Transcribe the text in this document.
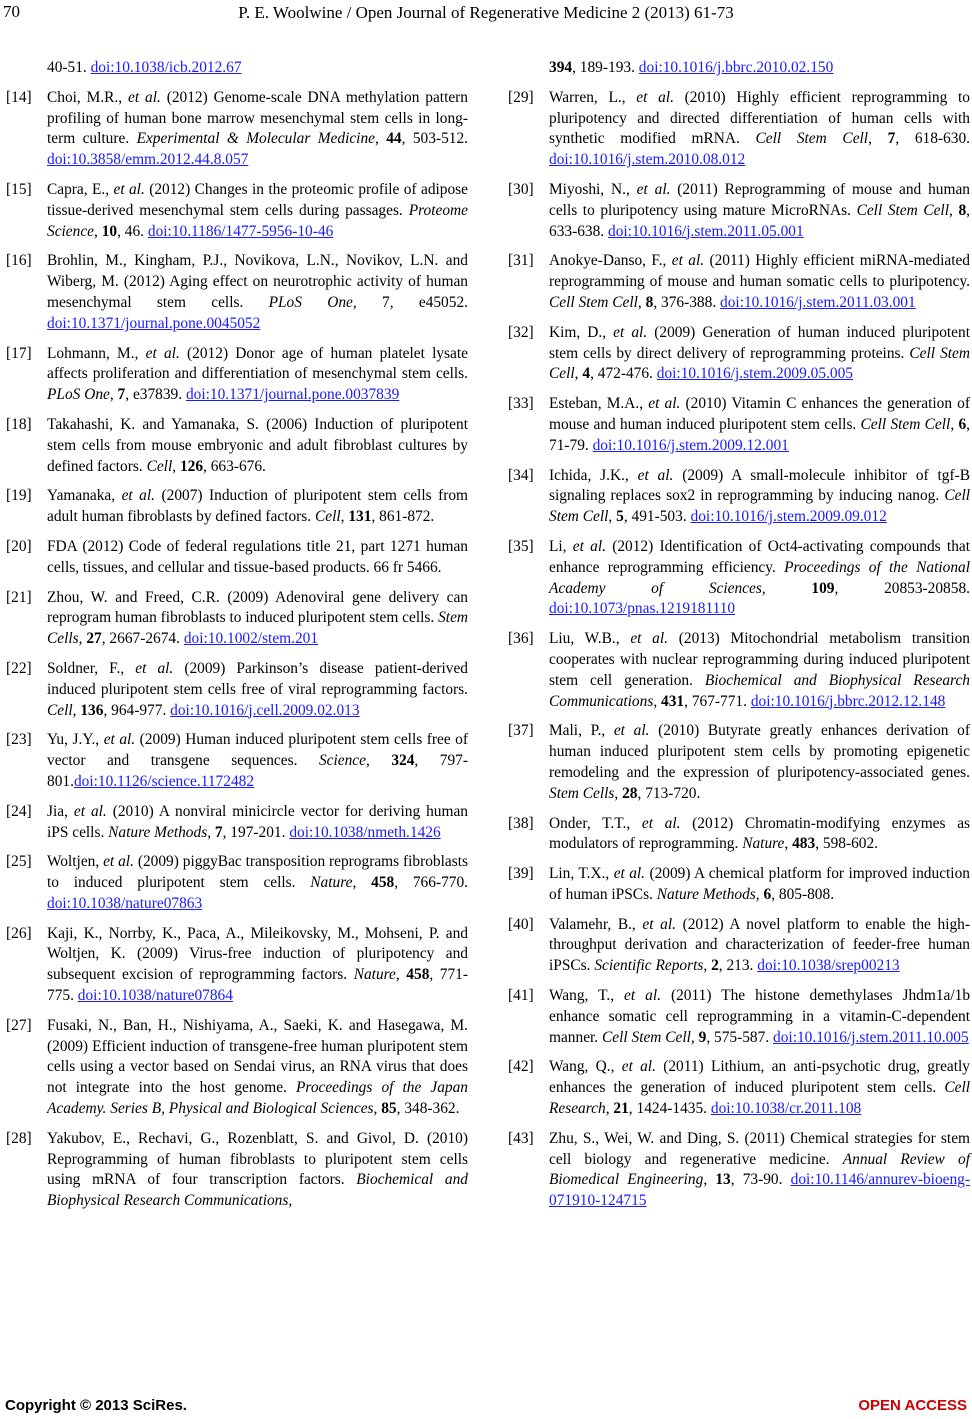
70	P. E. Woolwine / Open Journal of Regenerative Medicine 2 (2013) 61-73
40-51. doi:10.1038/icb.2012.67
[14] Choi, M.R., et al. (2012) Genome-scale DNA methylation pattern profiling of human bone marrow mesenchymal stem cells in long-term culture. Experimental & Molecular Medicine, 44, 503-512. doi:10.3858/emm.2012.44.8.057
[15] Capra, E., et al. (2012) Changes in the proteomic profile of adipose tissue-derived mesenchymal stem cells during passages. Proteome Science, 10, 46. doi:10.1186/1477-5956-10-46
[16] Brohlin, M., Kingham, P.J., Novikova, L.N., Novikov, L.N. and Wiberg, M. (2012) Aging effect on neurotrophic activity of human mesenchymal stem cells. PLoS One, 7, e45052. doi:10.1371/journal.pone.0045052
[17] Lohmann, M., et al. (2012) Donor age of human platelet lysate affects proliferation and differentiation of mesenchymal stem cells. PLoS One, 7, e37839. doi:10.1371/journal.pone.0037839
[18] Takahashi, K. and Yamanaka, S. (2006) Induction of pluripotent stem cells from mouse embryonic and adult fibroblast cultures by defined factors. Cell, 126, 663-676.
[19] Yamanaka, et al. (2007) Induction of pluripotent stem cells from adult human fibroblasts by defined factors. Cell, 131, 861-872.
[20] FDA (2012) Code of federal regulations title 21, part 1271 human cells, tissues, and cellular and tissue-based products. 66 fr 5466.
[21] Zhou, W. and Freed, C.R. (2009) Adenoviral gene delivery can reprogram human fibroblasts to induced pluripotent stem cells. Stem Cells, 27, 2667-2674. doi:10.1002/stem.201
[22] Soldner, F., et al. (2009) Parkinson’s disease patient-derived induced pluripotent stem cells free of viral reprogramming factors. Cell, 136, 964-977. doi:10.1016/j.cell.2009.02.013
[23] Yu, J.Y., et al. (2009) Human induced pluripotent stem cells free of vector and transgene sequences. Science, 324, 797-801.doi:10.1126/science.1172482
[24] Jia, et al. (2010) A nonviral minicircle vector for deriving human iPS cells. Nature Methods, 7, 197-201. doi:10.1038/nmeth.1426
[25] Woltjen, et al. (2009) piggyBac transposition reprograms fibroblasts to induced pluripotent stem cells. Nature, 458, 766-770. doi:10.1038/nature07863
[26] Kaji, K., Norrby, K., Paca, A., Mileikovsky, M., Mohseni, P. and Woltjen, K. (2009) Virus-free induction of pluripotency and subsequent excision of reprogramming factors. Nature, 458, 771-775. doi:10.1038/nature07864
[27] Fusaki, N., Ban, H., Nishiyama, A., Saeki, K. and Hasegawa, M. (2009) Efficient induction of transgene-free human pluripotent stem cells using a vector based on Sendai virus, an RNA virus that does not integrate into the host genome. Proceedings of the Japan Academy. Series B, Physical and Biological Sciences, 85, 348-362.
[28] Yakubov, E., Rechavi, G., Rozenblatt, S. and Givol, D. (2010) Reprogramming of human fibroblasts to pluripotent stem cells using mRNA of four transcription factors. Biochemical and Biophysical Research Communications,
394, 189-193. doi:10.1016/j.bbrc.2010.02.150
[29] Warren, L., et al. (2010) Highly efficient reprogramming to pluripotency and directed differentiation of human cells with synthetic modified mRNA. Cell Stem Cell, 7, 618-630. doi:10.1016/j.stem.2010.08.012
[30] Miyoshi, N., et al. (2011) Reprogramming of mouse and human cells to pluripotency using mature MicroRNAs. Cell Stem Cell, 8, 633-638. doi:10.1016/j.stem.2011.05.001
[31] Anokye-Danso, F., et al. (2011) Highly efficient miRNA-mediated reprogramming of mouse and human somatic cells to pluripotency. Cell Stem Cell, 8, 376-388. doi:10.1016/j.stem.2011.03.001
[32] Kim, D., et al. (2009) Generation of human induced pluripotent stem cells by direct delivery of reprogramming proteins. Cell Stem Cell, 4, 472-476. doi:10.1016/j.stem.2009.05.005
[33] Esteban, M.A., et al. (2010) Vitamin C enhances the generation of mouse and human induced pluripotent stem cells. Cell Stem Cell, 6, 71-79. doi:10.1016/j.stem.2009.12.001
[34] Ichida, J.K., et al. (2009) A small-molecule inhibitor of tgf-B signaling replaces sox2 in reprogramming by inducing nanog. Cell Stem Cell, 5, 491-503. doi:10.1016/j.stem.2009.09.012
[35] Li, et al. (2012) Identification of Oct4-activating compounds that enhance reprogramming efficiency. Proceedings of the National Academy of Sciences, 109, 20853-20858. doi:10.1073/pnas.1219181110
[36] Liu, W.B., et al. (2013) Mitochondrial metabolism transition cooperates with nuclear reprogramming during induced pluripotent stem cell generation. Biochemical and Biophysical Research Communications, 431, 767-771. doi:10.1016/j.bbrc.2012.12.148
[37] Mali, P., et al. (2010) Butyrate greatly enhances derivation of human induced pluripotent stem cells by promoting epigenetic remodeling and the expression of pluripotency-associated genes. Stem Cells, 28, 713-720.
[38] Onder, T.T., et al. (2012) Chromatin-modifying enzymes as modulators of reprogramming. Nature, 483, 598-602.
[39] Lin, T.X., et al. (2009) A chemical platform for improved induction of human iPSCs. Nature Methods, 6, 805-808.
[40] Valamehr, B., et al. (2012) A novel platform to enable the high-throughput derivation and characterization of feeder-free human iPSCs. Scientific Reports, 2, 213. doi:10.1038/srep00213
[41] Wang, T., et al. (2011) The histone demethylases Jhdm1a/1b enhance somatic cell reprogramming in a vitamin-C-dependent manner. Cell Stem Cell, 9, 575-587. doi:10.1016/j.stem.2011.10.005
[42] Wang, Q., et al. (2011) Lithium, an anti-psychotic drug, greatly enhances the generation of induced pluripotent stem cells. Cell Research, 21, 1424-1435. doi:10.1038/cr.2011.108
[43] Zhu, S., Wei, W. and Ding, S. (2011) Chemical strategies for stem cell biology and regenerative medicine. Annual Review of Biomedical Engineering, 13, 73-90. doi:10.1146/annurev-bioeng-071910-124715
Copyright © 2013 SciRes.	OPEN ACCESS
